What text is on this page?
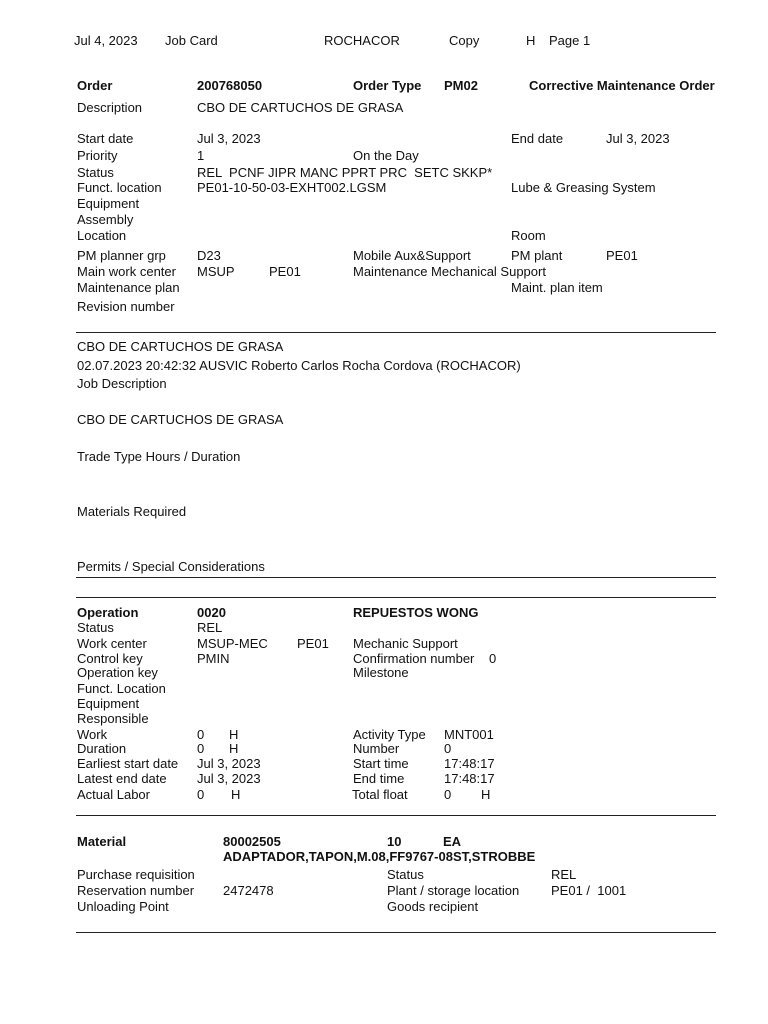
Jul 4, 2023 Job Card	ROCHACOR	Copy	H Page 1
Order	200768050	Order Type PM02	Corrective Maintenance Order
Description	CBO DE CARTUCHOS DE GRASA
Start date	Jul 3, 2023	End date	Jul 3, 2023
Priority	1	On the Day
Status	REL  PCNF JIPR MANC PPRT PRC  SETC SKKP*
Funct. location	PE01-10-50-03-EXHT002.LGSM	Lube & Greasing System
Equipment
Assembly
Location	Room
PM planner grp D23	Mobile Aux&Support	PM plant	PE01
Main work center MSUP	PE01	Maintenance Mechanical Support
Maintenance plan	Maint. plan item
Revision number
CBO DE CARTUCHOS DE GRASA
02.07.2023 20:42:32 AUSVIC Roberto Carlos Rocha Cordova (ROCHACOR)
Job Description
CBO DE CARTUCHOS DE GRASA
Trade Type Hours / Duration
Materials Required
Permits / Special Considerations
Operation	0020	REPUESTOS WONG
Status	REL
Work center	MSUP-MEC PE01 Mechanic Support
Control key	PMIN	Confirmation number 0
Operation key	Milestone
Funct. Location
Equipment
Responsible
Work	0 H	Activity Type MNT001
Duration	0 H	Number	0
Earliest start date Jul 3, 2023	Start time	17:48:17
Latest end date Jul 3, 2023	End time	17:48:17
Actual Labor	0 H	Total float	0 H
Material	80002505	10	EA
ADAPTADOR,TAPON,M.08,FF9767-08ST,STROBBE
Purchase requisition	Status	REL
Reservation number 2472478	Plant / storage location PE01 /  1001
Unloading Point	Goods recipient
